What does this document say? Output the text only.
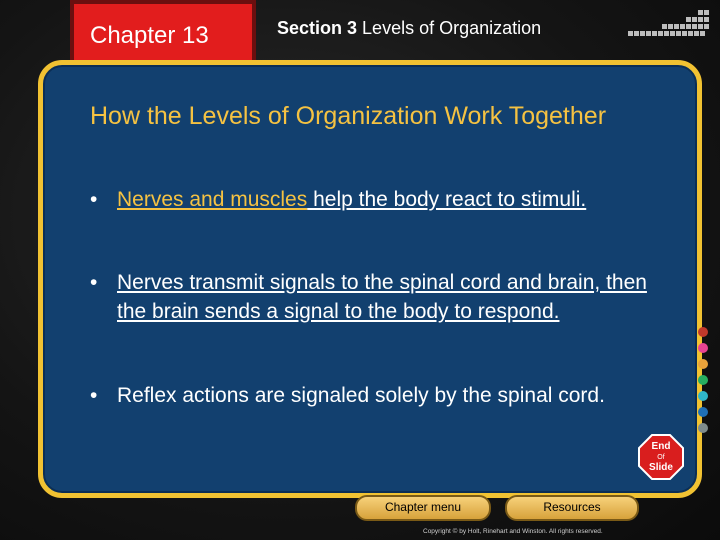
Chapter 13	Section 3 Levels of Organization
How the Levels of Organization Work Together
• Nerves and muscles help the body react to stimuli.
• Nerves transmit signals to the spinal cord and brain, then the brain sends a signal to the body to respond.
• Reflex actions are signaled solely by the spinal cord.
End
Of
Slide
Chapter menu	Resources
Copyright © by Holt, Rinehart and Winston. All rights reserved.
